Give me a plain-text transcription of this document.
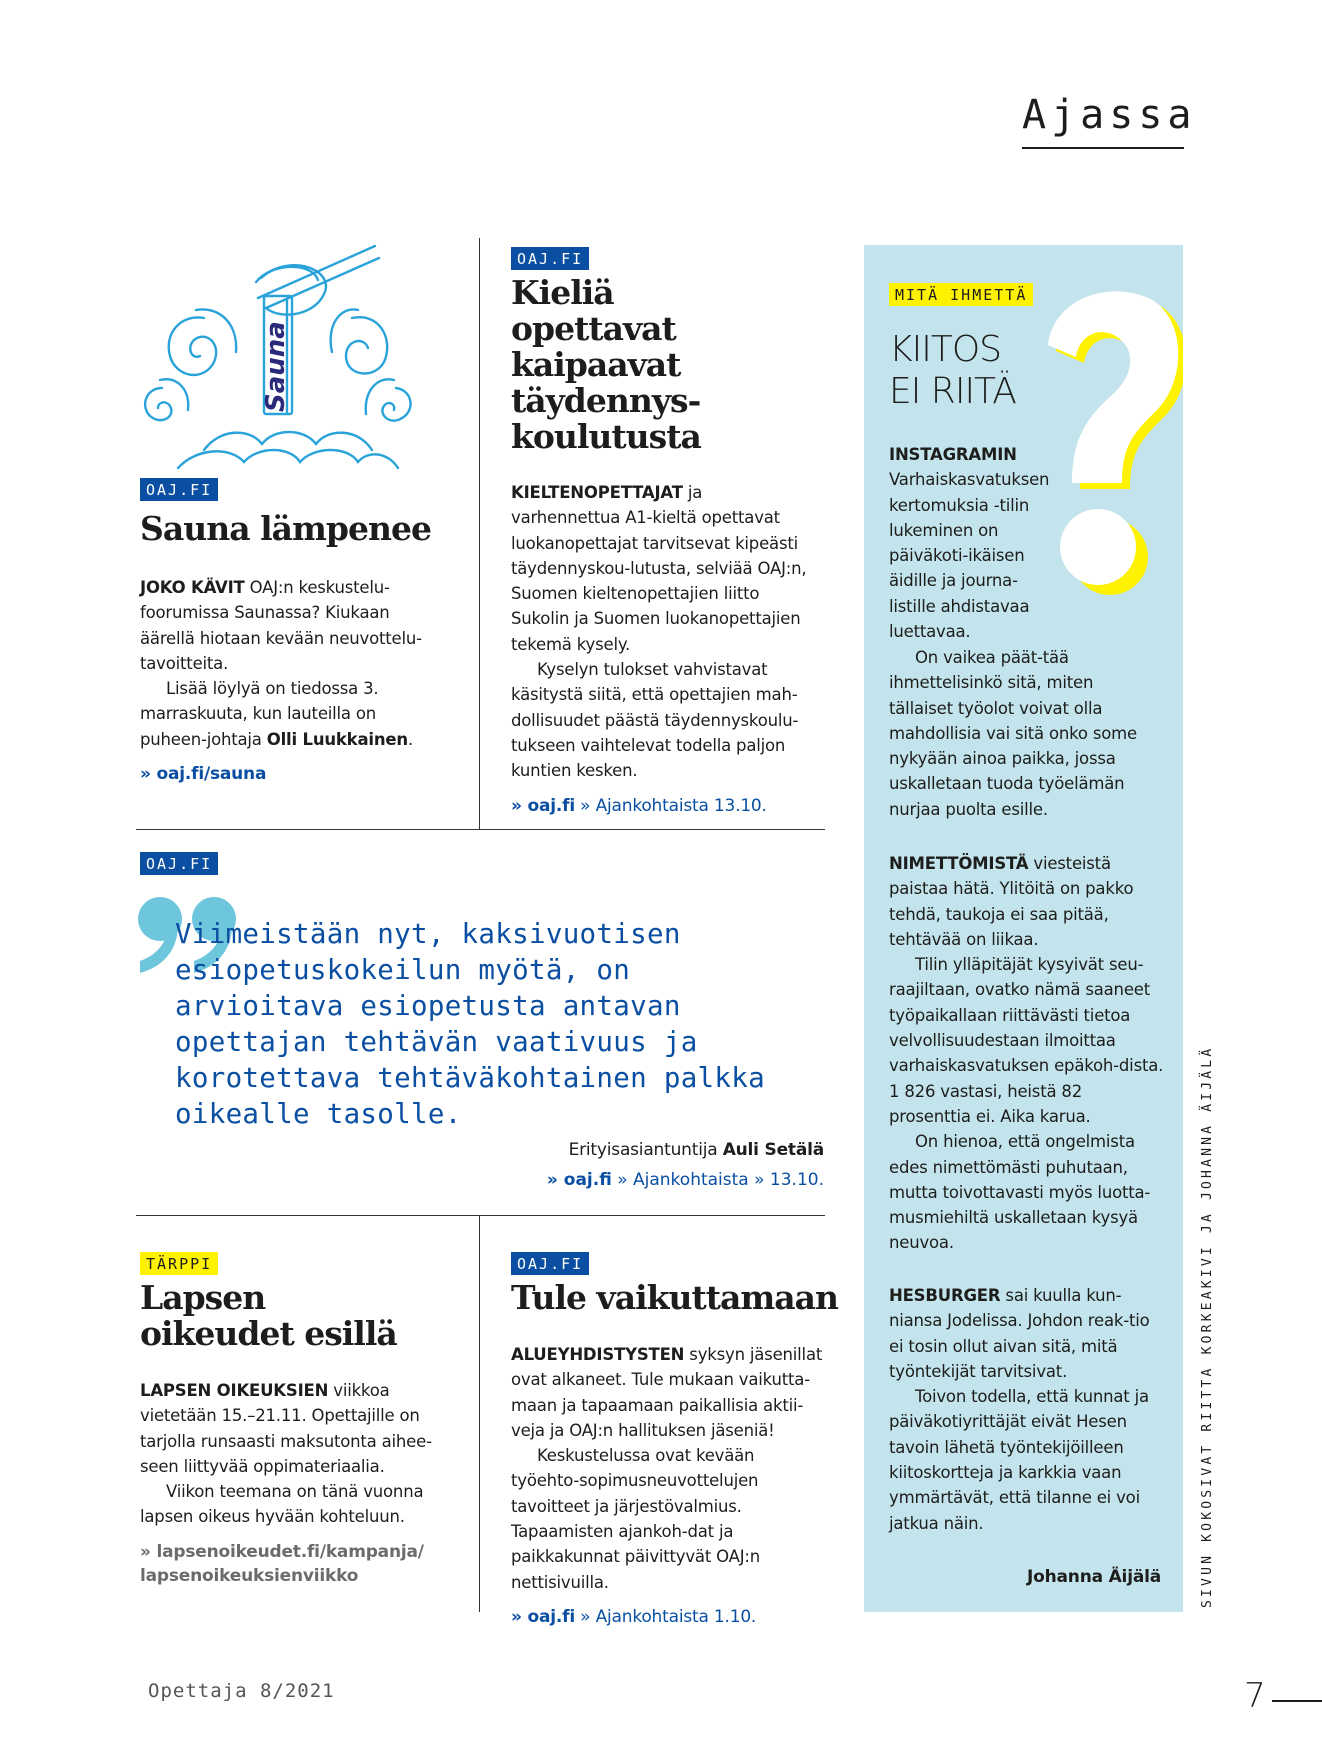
Ajassa
Sauna
OAJ.FI
Sauna lämpenee

JOKO KÄVIT OAJ:n keskustelu-foorumissa Saunassa? Kiukaan äärellä hiotaan kevään neuvottelu-tavoitteita.

Lisää löylyä on tiedossa 3. marraskuuta, kun lauteilla on puheen-johtaja Olli Luukkainen.

» oaj.fi/sauna

OAJ.FI
Kieliä opettavat kaipaavat täydennys-koulutusta

KIELTENOPETTAJAT ja varhennettua A1-kieltä opettavat luokanopettajat tarvitsevat kipeästi täydennyskou-lutusta, selviää OAJ:n, Suomen kieltenopettajien liitto Sukolin ja Suomen luokanopettajien tekemä kysely.

Kyselyn tulokset vahvistavat käsitystä siitä, että opettajien mah-dollisuudet päästä täydennyskoulu-tukseen vaihtelevat todella paljon kuntien kesken.

» oaj.fi » Ajankohtaista 13.10.

OAJ.FI
Viimeistään nyt, kaksivuotisen
esiopetuskokeilun myötä, on
arvioitava esiopetusta antavan
opettajan tehtävän vaativuus ja
korotettava tehtäväkohtainen palkka
oikealle tasolle.
Erityisasiantuntija Auli Setälä
» oaj.fi » Ajankohtaista » 13.10.
TÄRPPI
Lapsen oikeudet esillä

LAPSEN OIKEUKSIEN viikkoa vietetään 15.–21.11. Opettajille on tarjolla runsaasti maksutonta aihee-seen liittyvää oppimateriaalia.

Viikon teemana on tänä vuonna lapsen oikeus hyvään kohteluun.

» lapsenoikeudet.fi/kampanja/ lapsenoikeuksienviikko

OAJ.FI
Tule vaikuttamaan

ALUEYHDISTYSTEN syksyn jäsenillat ovat alkaneet. Tule mukaan vaikutta-maan ja tapaamaan paikallisia aktii-veja ja OAJ:n hallituksen jäseniä!

Keskustelussa ovat kevään työehto-sopimusneuvottelujen tavoitteet ja järjestövalmius. Tapaamisten ajankoh-dat ja paikkakunnat päivittyvät OAJ:n nettisivuilla.

» oaj.fi » Ajankohtaista 1.10.

MITÄ IHMETTÄ
KIITOS
EI RIITÄ

INSTAGRAMIN Varhaiskasvatuksen kertomuksia -tilin lukeminen on päiväkoti-ikäisen äidille ja journa-listille ahdistavaa luettavaa.

On vaikea päät-tää ihmettelisinkö sitä, miten tällaiset työolot voivat olla mahdollisia vai sitä onko some nykyään ainoa paikka, jossa uskalletaan tuoda työelämän nurjaa puolta esille.

NIMETTÖMISTÄ viesteistä paistaa hätä. Ylitöitä on pakko tehdä, taukoja ei saa pitää, tehtävää on liikaa.

Tilin ylläpitäjät kysyivät seu-raajiltaan, ovatko nämä saaneet työpaikallaan riittävästi tietoa velvollisuudestaan ilmoittaa varhaiskasvatuksen epäkoh-dista. 1 826 vastasi, heistä 82 prosenttia ei. Aika karua.

On hienoa, että ongelmista edes nimettömästi puhutaan, mutta toivottavasti myös luotta-musmiehiltä uskalletaan kysyä neuvoa.

HESBURGER sai kuulla kun-niansa Jodelissa. Johdon reak-tio ei tosin ollut aivan sitä, mitä työntekijät tarvitsivat.

Toivon todella, että kunnat ja päiväkotiyrittäjät eivät Hesen tavoin lähetä työntekijöilleen kiitoskortteja ja karkkia vaan ymmärtävät, että tilanne ei voi jatkua näin.

Johanna Äijälä	SIVUN KOKOSIVAT RIITTA KORKEAKIVI JA JOHANNA ÄIJÄLÄ
Opettaja 8/2021	7
